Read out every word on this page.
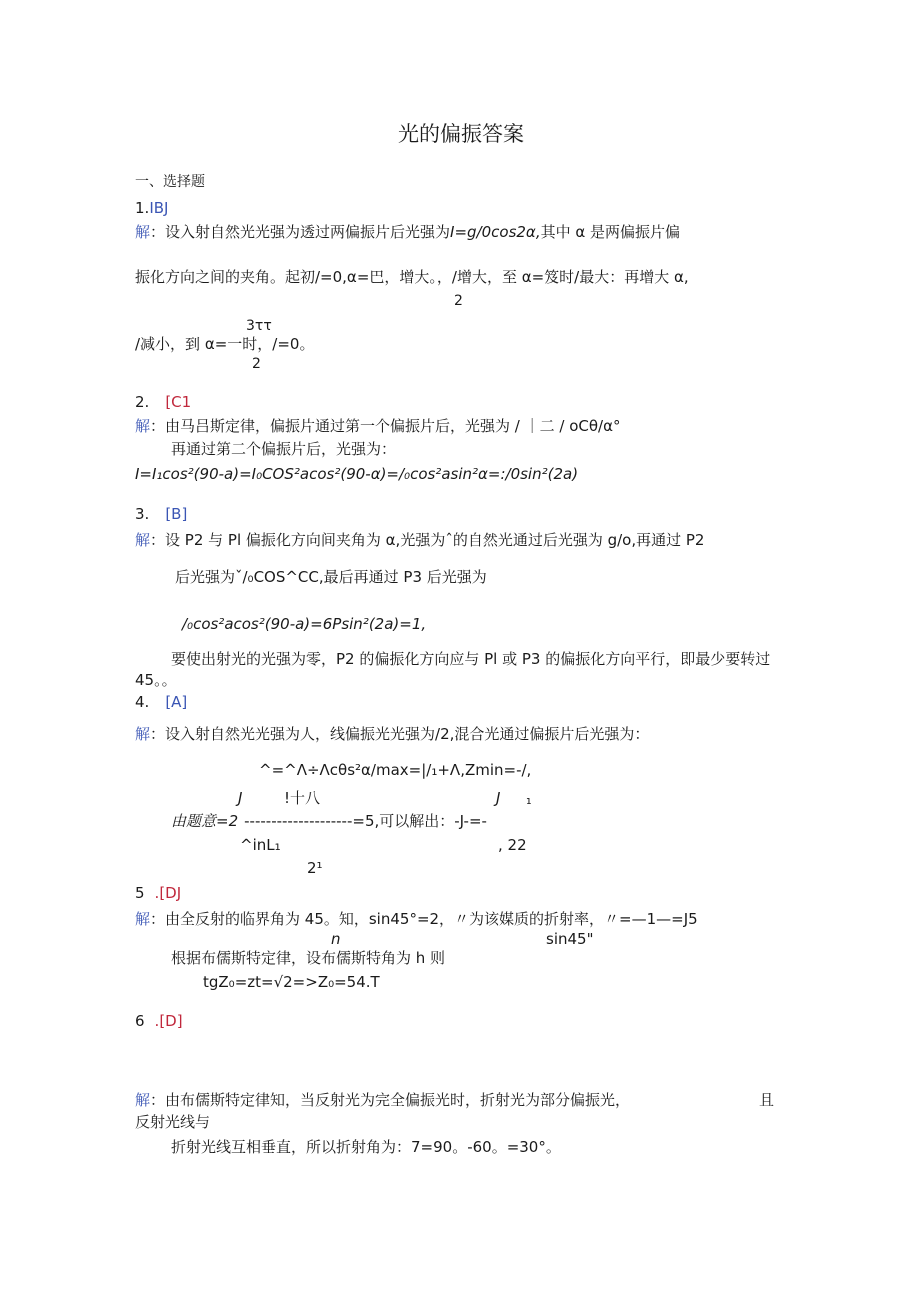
光的偏振答案
一、选择题
1.IBJ
解：设入射自然光光强为透过两偏振片后光强为I=g/0cos2α,其中 α 是两偏振片偏
振化方向之间的夹角。起初/=0,α=巴，增大。，/增大，至 α=笈时/最大：再增大 α,
2
3ττ
/减小，到 α=一时，/=0。
2
2. [C1
解：由马吕斯定律，偏振片通过第一个偏振片后，光强为 / ｜二 / oCθ/α°
再通过第二个偏振片后，光强为：
I=I₁cos²(90-a)=I₀COS²acos²(90-α)=/₀cos²asin²α=:/0sin²(2a)
3. [B]
解：设 P2 与 Pl 偏振化方向间夹角为 α,光强为ˆ的自然光通过后光强为 g/o,再通过 P2
后光强为ˇ/₀COS^CC,最后再通过 P3 后光强为
/₀cos²acos²(90-a)=6Psin²(2a)=1,
要使出射光的光强为零，P2 的偏振化方向应与 Pl 或 P3 的偏振化方向平行，即最少要转过
45。。
4. [A]
解：设入射自然光光强为人，线偏振光光强为/2,混合光通过偏振片后光强为：
^=^Λ÷Λcθs²α/max=|/₁+Λ,Zmin=-/,
J	!十八	J ₁
由题意=2 --------------------=5,可以解出：-J-=-
^inL₁	, 22
2¹
5 .[DJ
解：由全反射的临界角为 45。知，sin45°=2，〃为该媒质的折射率，〃=—1—=J5
n	sin45"
根据布儒斯特定律，设布儒斯特角为 h 则
tgZ₀=zt=√2=>Z₀=54.T
6 .[D]
解：由布儒斯特定律知，当反射光为完全偏振光时，折射光为部分偏振光，	且
反射光线与
折射光线互相垂直，所以折射角为：7=90。-60。=30°。
